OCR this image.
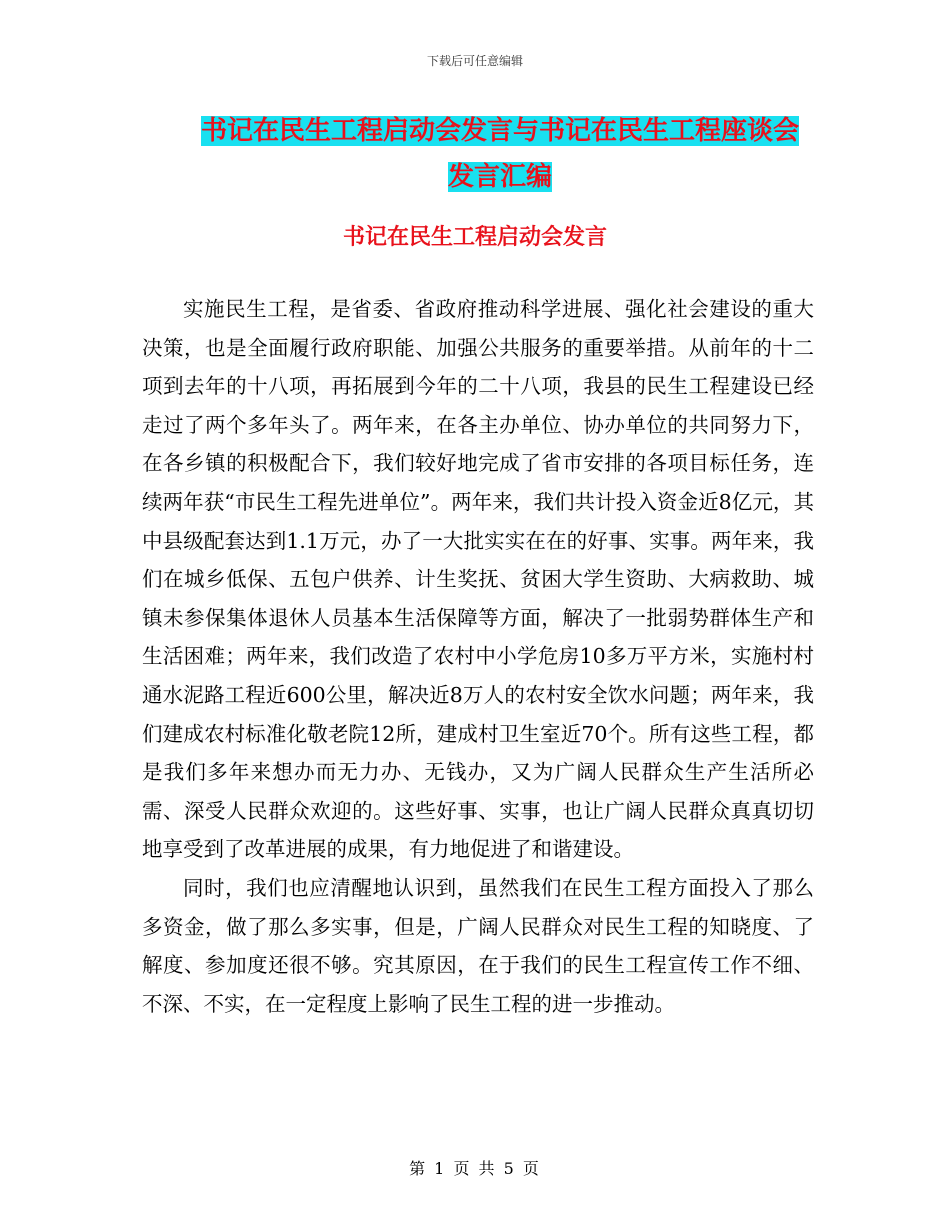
下载后可任意编辑
书记在民生工程启动会发言与书记在民生工程座谈会
发言汇编
书记在民生工程启动会发言

实施民生工程，是省委、省政府推动科学进展、强化社会建设的重大决策，也是全面履行政府职能、加强公共服务的重要举措。从前年的十二项到去年的十八项，再拓展到今年的二十八项，我县的民生工程建设已经走过了两个多年头了。两年来，在各主办单位、协办单位的共同努力下，在各乡镇的积极配合下，我们较好地完成了省市安排的各项目标任务，连续两年获“市民生工程先进单位”。两年来，我们共计投入资金近8亿元，其中县级配套达到1.1万元，办了一大批实实在在的好事、实事。两年来，我们在城乡低保、五包户供养、计生奖抚、贫困大学生资助、大病救助、城镇未参保集体退休人员基本生活保障等方面，解决了一批弱势群体生产和生活困难；两年来，我们改造了农村中小学危房10多万平方米，实施村村通水泥路工程近600公里，解决近8万人的农村安全饮水问题；两年来，我们建成农村标准化敬老院12所，建成村卫生室近70个。所有这些工程，都是我们多年来想办而无力办、无钱办，又为广阔人民群众生产生活所必需、深受人民群众欢迎的。这些好事、实事，也让广阔人民群众真真切切地享受到了改革进展的成果，有力地促进了和谐建设。

同时，我们也应清醒地认识到，虽然我们在民生工程方面投入了那么多资金，做了那么多实事，但是，广阔人民群众对民生工程的知晓度、了解度、参加度还很不够。究其原因，在于我们的民生工程宣传工作不细、不深、不实，在一定程度上影响了民生工程的进一步推动。

第 1 页 共 5 页
